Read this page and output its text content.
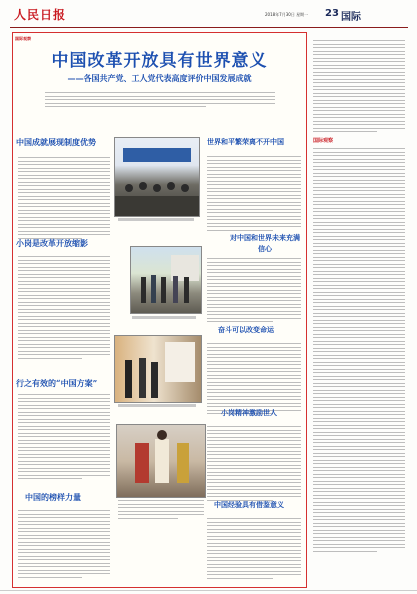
人民日报	2018年7月30日 星期一 23 国际
国际观察
中国改革开放具有世界意义
——各国共产党、工人党代表高度评价中国发展成就
中国成就展现制度优势
小岗是改革开放缩影
行之有效的“中国方案”
中国的榜样力量
世界和平繁荣离不开中国
对中国和世界未来充满信心
奋斗可以改变命运
小岗精神激励世人
中国经验具有借鉴意义
国际观察
